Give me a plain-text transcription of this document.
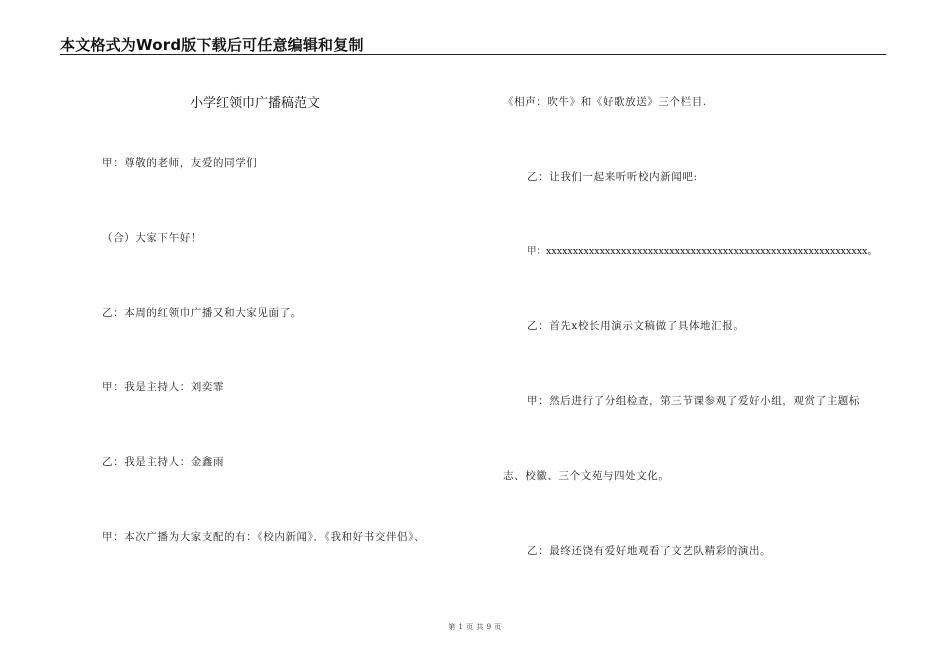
本文格式为Word版下载后可任意编辑和复制
小学红领巾广播稿范文
甲：尊敬的老师，友爱的同学们
（合）大家下午好！
乙：本周的红领巾广播又和大家见面了。
甲：我是主持人：刘奕霏
乙：我是主持人：金鑫雨
甲：本次广播为大家支配的有：《校内新闻》．《我和好书交伴侣》、
《相声：吹牛》和《好歌放送》三个栏目.
乙：让我们一起来听听校内新闻吧:
甲：xxxxxxxxxxxxxxxxxxxxxxxxxxxxxxxxxxxxxxxxxxxxxxxxxxxxxxxxxxxx。
乙：首先x校长用演示文稿做了具体地汇报。
甲：然后进行了分组检查，第三节课参观了爱好小组，观赏了主题标
志、校徽、三个文苑与四处文化。
乙：最终还饶有爱好地观看了文艺队精彩的演出。
第 1 页 共 9 页
